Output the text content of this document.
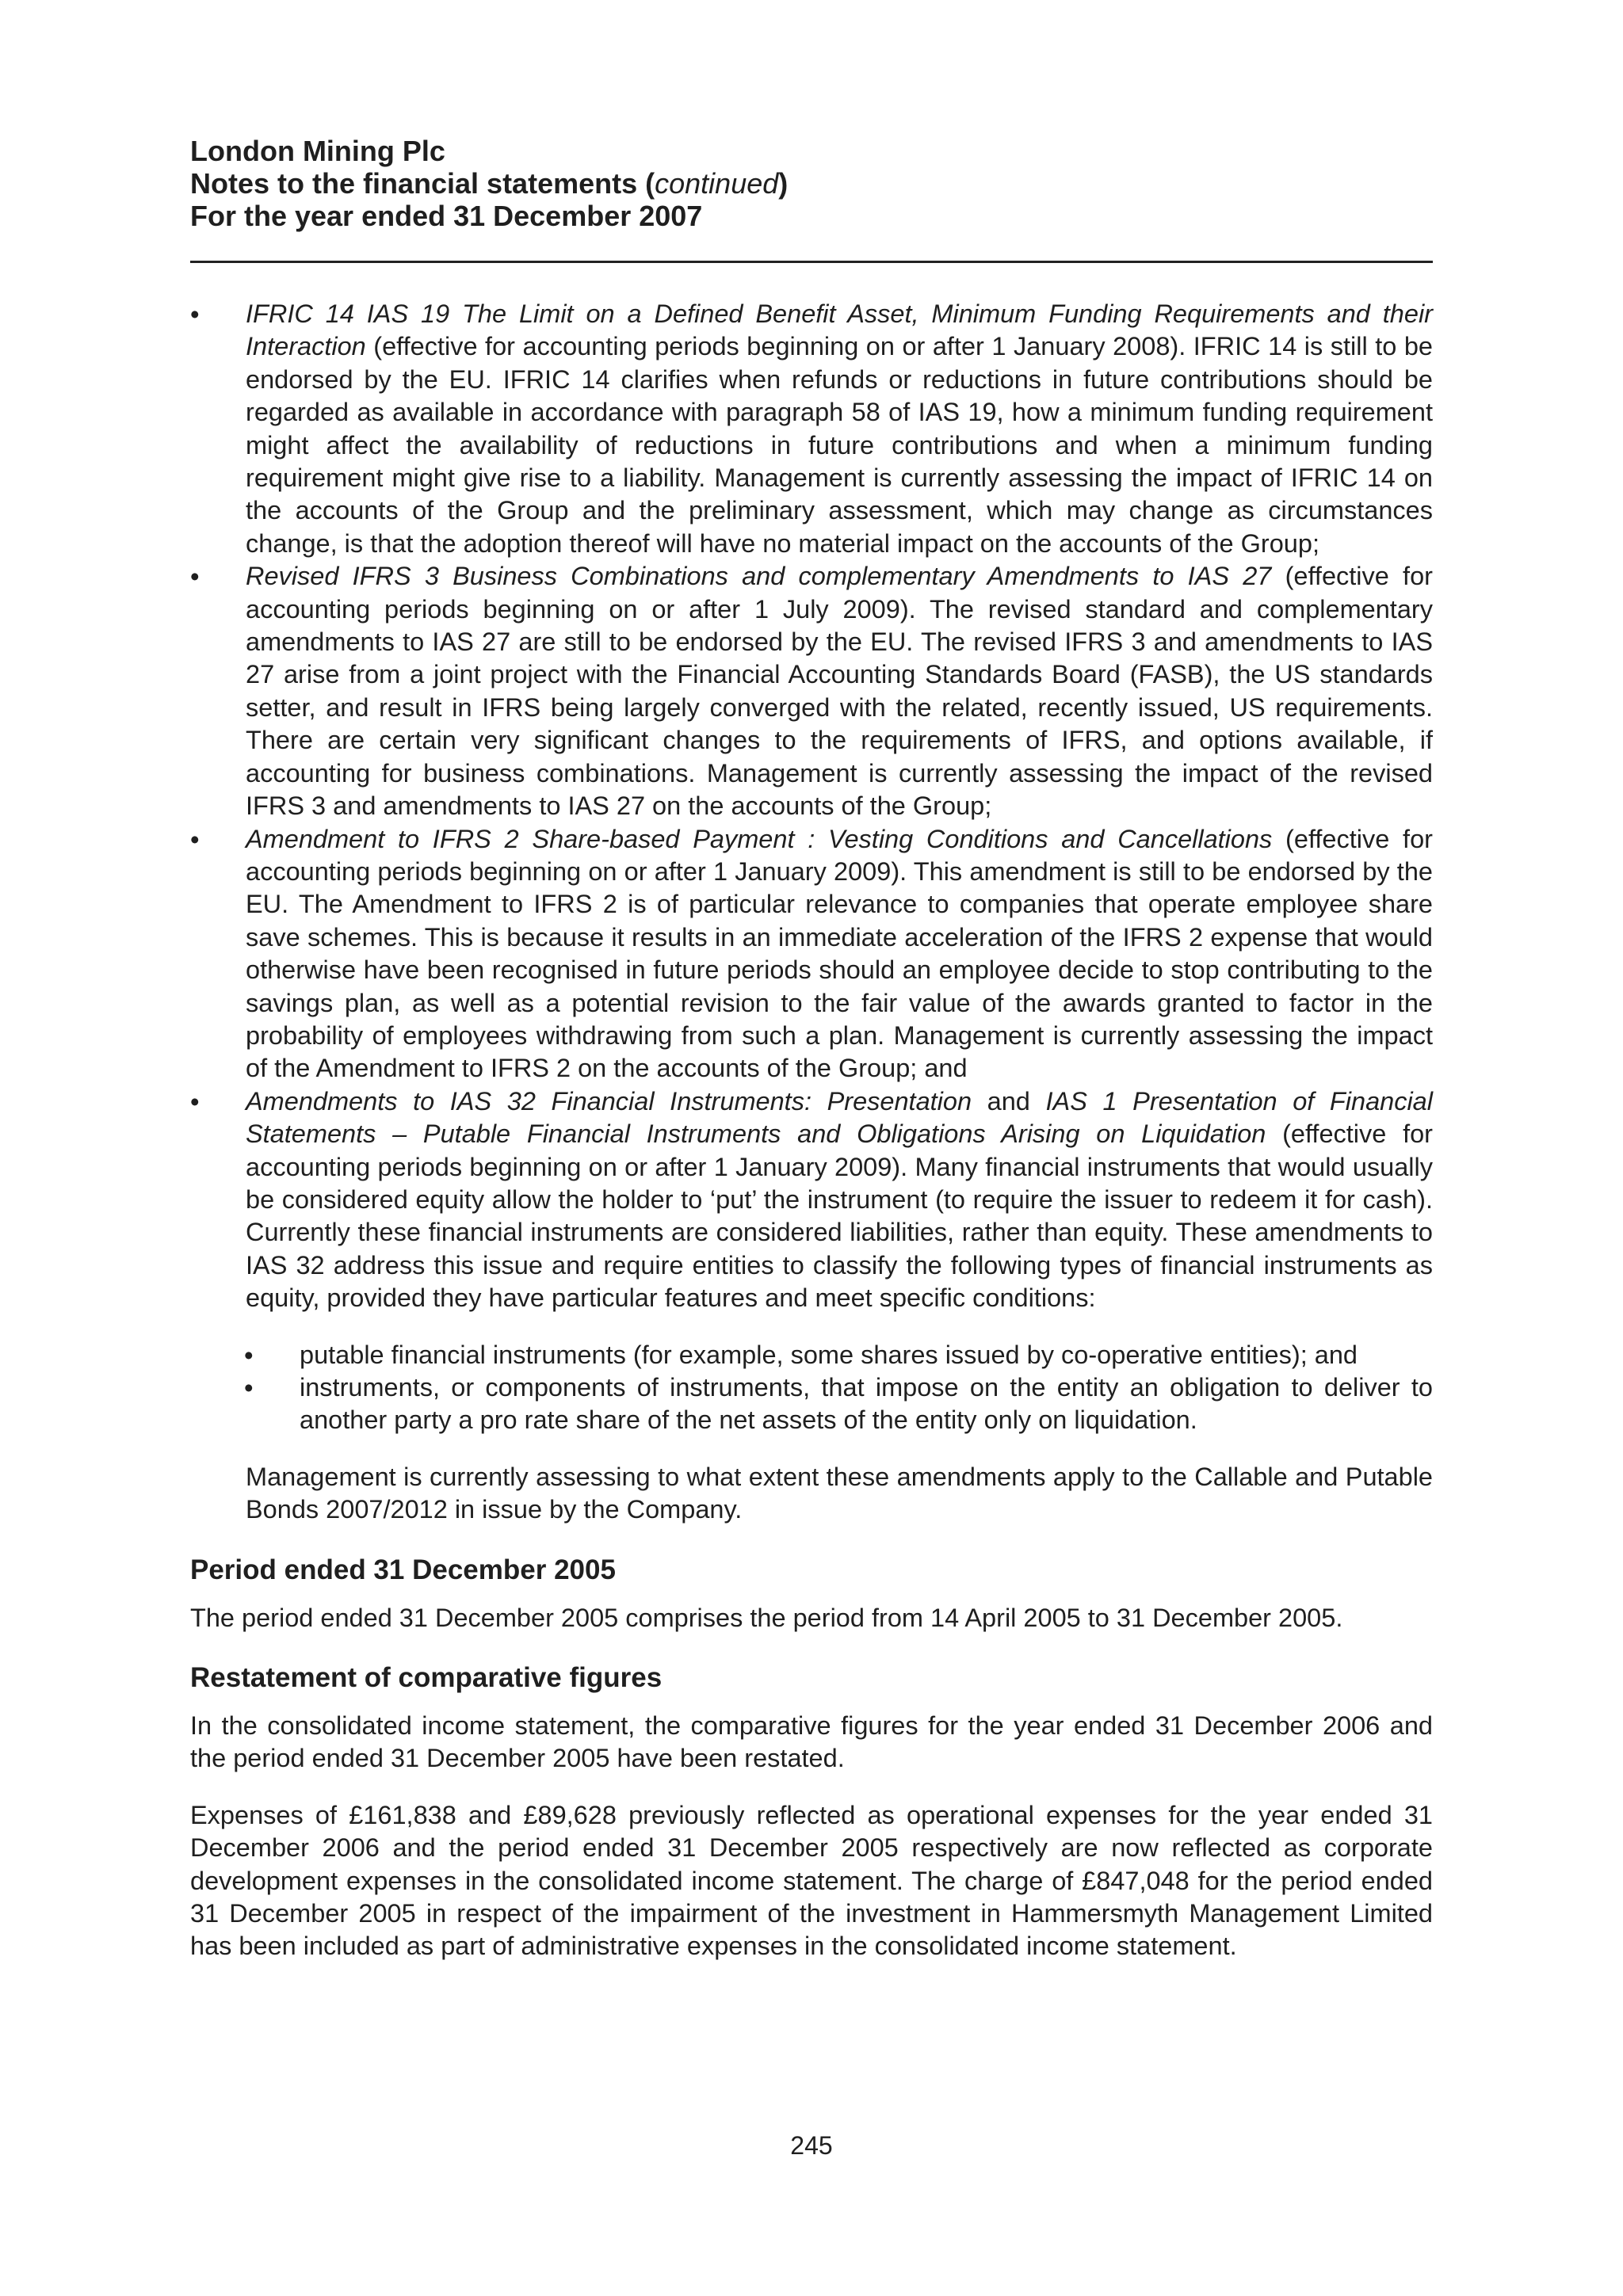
London Mining Plc
Notes to the financial statements (continued)
For the year ended 31 December 2007
• IFRIC 14 IAS 19 The Limit on a Defined Benefit Asset, Minimum Funding Requirements and their Interaction (effective for accounting periods beginning on or after 1 January 2008). IFRIC 14 is still to be endorsed by the EU. IFRIC 14 clarifies when refunds or reductions in future contributions should be regarded as available in accordance with paragraph 58 of IAS 19, how a minimum funding requirement might affect the availability of reductions in future contributions and when a minimum funding requirement might give rise to a liability. Management is currently assessing the impact of IFRIC 14 on the accounts of the Group and the preliminary assessment, which may change as circumstances change, is that the adoption thereof will have no material impact on the accounts of the Group;
• Revised IFRS 3 Business Combinations and complementary Amendments to IAS 27 (effective for accounting periods beginning on or after 1 July 2009). The revised standard and complementary amendments to IAS 27 are still to be endorsed by the EU. The revised IFRS 3 and amendments to IAS 27 arise from a joint project with the Financial Accounting Standards Board (FASB), the US standards setter, and result in IFRS being largely converged with the related, recently issued, US requirements. There are certain very significant changes to the requirements of IFRS, and options available, if accounting for business combinations. Management is currently assessing the impact of the revised IFRS 3 and amendments to IAS 27 on the accounts of the Group;
• Amendment to IFRS 2 Share-based Payment : Vesting Conditions and Cancellations (effective for accounting periods beginning on or after 1 January 2009). This amendment is still to be endorsed by the EU. The Amendment to IFRS 2 is of particular relevance to companies that operate employee share save schemes. This is because it results in an immediate acceleration of the IFRS 2 expense that would otherwise have been recognised in future periods should an employee decide to stop contributing to the savings plan, as well as a potential revision to the fair value of the awards granted to factor in the probability of employees withdrawing from such a plan. Management is currently assessing the impact of the Amendment to IFRS 2 on the accounts of the Group; and
• Amendments to IAS 32 Financial Instruments: Presentation and IAS 1 Presentation of Financial Statements – Putable Financial Instruments and Obligations Arising on Liquidation (effective for accounting periods beginning on or after 1 January 2009). Many financial instruments that would usually be considered equity allow the holder to ‘put’ the instrument (to require the issuer to redeem it for cash). Currently these financial instruments are considered liabilities, rather than equity. These amendments to IAS 32 address this issue and require entities to classify the following types of financial instruments as equity, provided they have particular features and meet specific conditions:
• putable financial instruments (for example, some shares issued by co-operative entities); and
• instruments, or components of instruments, that impose on the entity an obligation to deliver to another party a pro rate share of the net assets of the entity only on liquidation.
Management is currently assessing to what extent these amendments apply to the Callable and Putable Bonds 2007/2012 in issue by the Company.
Period ended 31 December 2005

The period ended 31 December 2005 comprises the period from 14 April 2005 to 31 December 2005.

Restatement of comparative figures

In the consolidated income statement, the comparative figures for the year ended 31 December 2006 and the period ended 31 December 2005 have been restated.

Expenses of £161,838 and £89,628 previously reflected as operational expenses for the year ended 31 December 2006 and the period ended 31 December 2005 respectively are now reflected as corporate development expenses in the consolidated income statement. The charge of £847,048 for the period ended 31 December 2005 in respect of the impairment of the investment in Hammersmyth Management Limited has been included as part of administrative expenses in the consolidated income statement.

245
